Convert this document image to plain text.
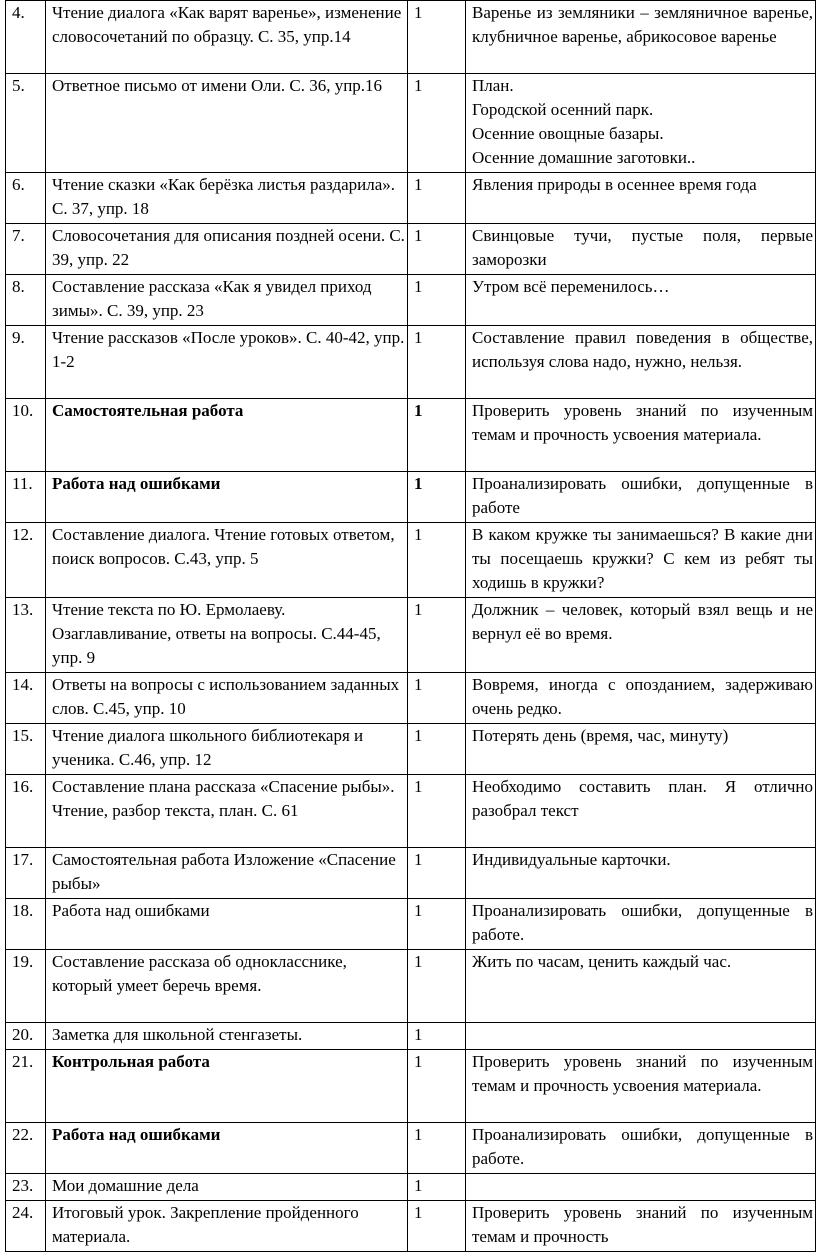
4.	Чтение диалога «Как варят варенье», изменение словосочетаний по образцу. С. 35, упр.14	1	Варенье из земляники – земляничное варенье, клубничное варенье, абрикосовое варенье

5.	Ответное письмо от имени Оли. С. 36, упр.16	1	План.
Городской осенний парк.
Осенние овощные базары.
Осенние домашние заготовки..

6.	Чтение сказки «Как берёзка листья раздарила». С. 37, упр. 18	1	Явления природы в осеннее время года

7.	Словосочетания для описания поздней осени. С. 39, упр. 22	1	Свинцовые тучи, пустые поля, первые заморозки

8.	Составление рассказа «Как я увидел приход зимы». С. 39, упр. 23	1	Утром всё переменилось…

9.	Чтение рассказов «После уроков». С. 40-42, упр. 1-2	1	Составление правил поведения в обществе, используя слова надо, нужно, нельзя.

10.	Самостоятельная работа	1	Проверить уровень знаний по изученным темам и прочность усвоения материала.

11.	Работа над ошибками	1	Проанализировать ошибки, допущенные в работе

12.	Составление диалога. Чтение готовых ответом, поиск вопросов. С.43, упр. 5	1	В каком кружке ты занимаешься? В какие дни ты посещаешь кружки? С кем из ребят ты ходишь в кружки?

13.	Чтение текста по Ю. Ермолаеву. Озаглавливание, ответы на вопросы. С.44-45, упр. 9	1	Должник – человек, который взял вещь и не вернул её во время.

14.	Ответы на вопросы с использованием заданных слов. С.45, упр. 10	1	Вовремя, иногда с опозданием, задерживаю очень редко.

15.	Чтение диалога школьного библиотекаря и ученика. С.46, упр. 12	1	Потерять день (время, час, минуту)

16.	Составление плана рассказа «Спасение рыбы». Чтение, разбор текста, план. С. 61	1	Необходимо составить план. Я отлично разобрал текст

17.	Самостоятельная работа Изложение «Спасение рыбы»	1	Индивидуальные карточки.

18.	Работа над ошибками	1	Проанализировать ошибки, допущенные в работе.

19.	Составление рассказа об однокласснике, который умеет беречь время.	1	Жить по часам, ценить каждый час.

20.	Заметка для школьной стенгазеты.	1	

21.	Контрольная работа	1	Проверить уровень знаний по изученным темам и прочность усвоения материала.

22.	Работа над ошибками	1	Проанализировать ошибки, допущенные в работе.

23.	Мои домашние дела	1	

24.	Итоговый урок. Закрепление пройденного материала.	1	Проверить уровень знаний по изученным темам и прочность
